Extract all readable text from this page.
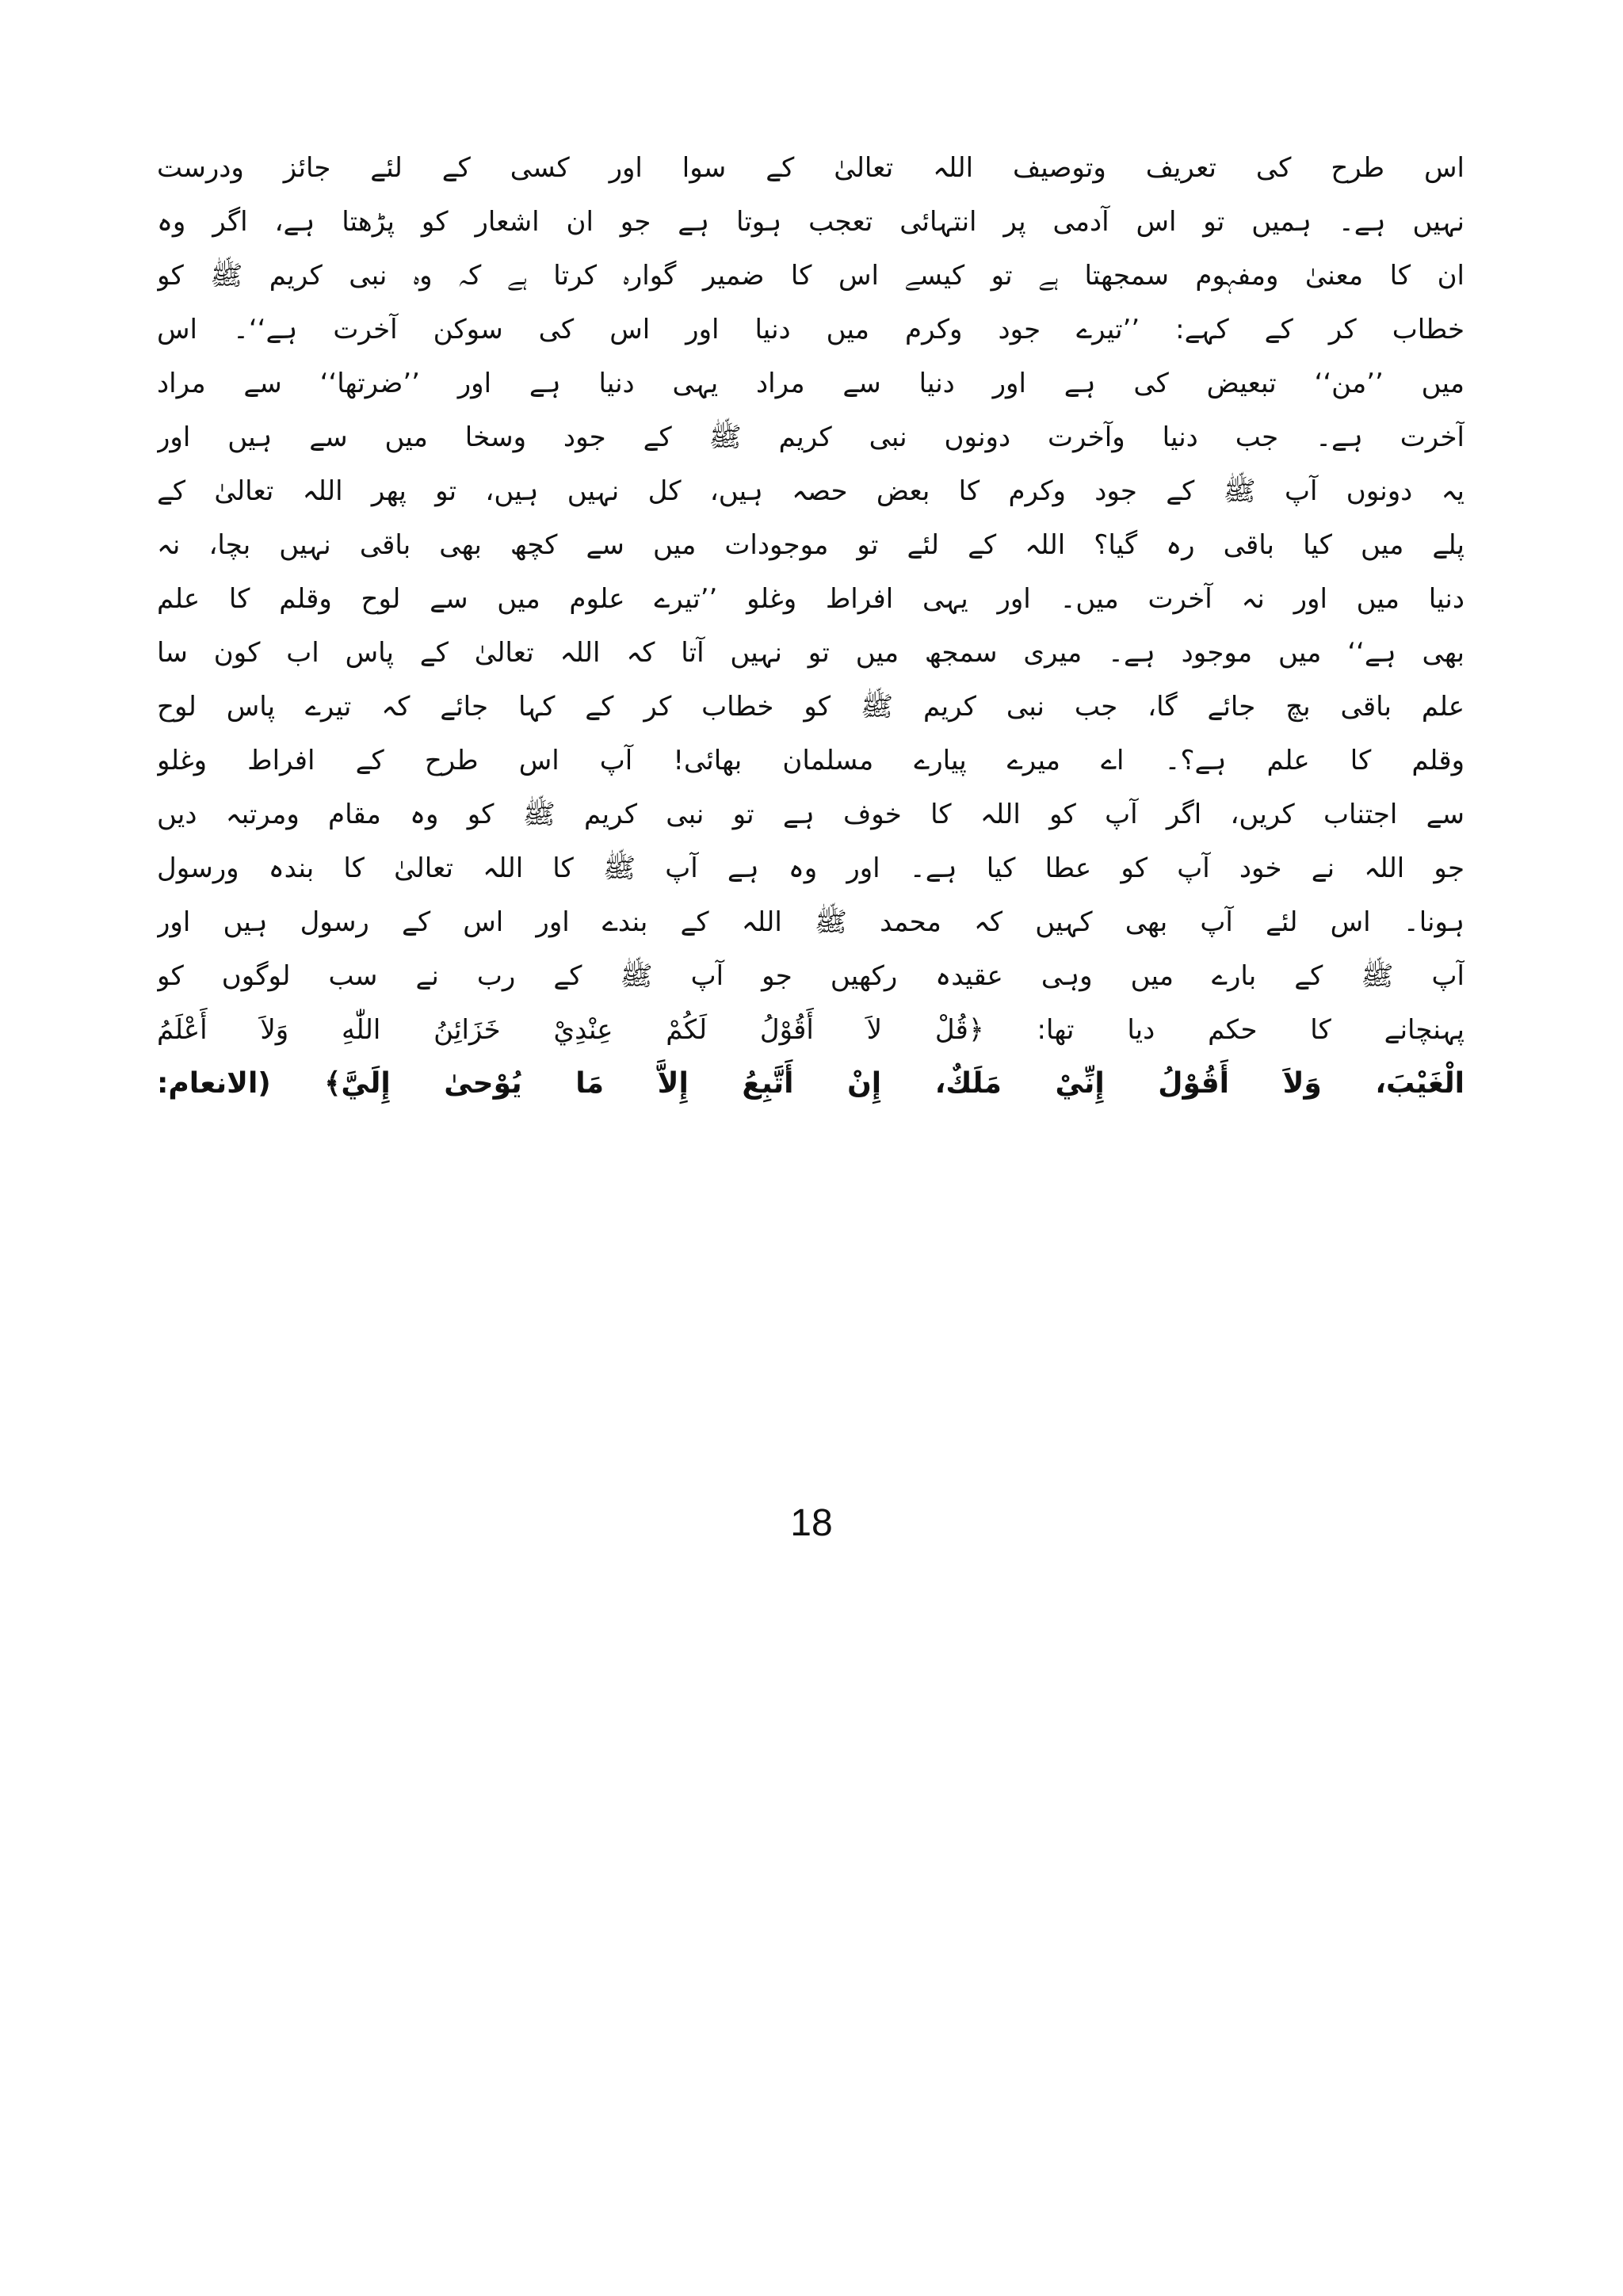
اس طرح کی تعریف وتوصیف اللہ تعالیٰ کے سوا اور کسی کے لئے جائز ودرست
نہیں ہے۔ ہمیں تو اس آدمی پر انتہائی تعجب ہوتا ہے جو ان اشعار کو پڑھتا ہے، اگر وہ
ان کا معنیٰ ومفہوم سمجھتا ہے تو کیسے اس کا ضمیر گوارہ کرتا ہے کہ وہ نبی کریم ﷺ کو
خطاب کر کے کہے: ’’تیرے جود وکرم میں دنیا اور اس کی سوکن آخرت ہے‘‘۔ اس
میں ’’من‘‘ تبعیض کی ہے اور دنیا سے مراد یہی دنیا ہے اور ’’ضرتھا‘‘ سے مراد
آخرت ہے۔ جب دنیا وآخرت دونوں نبی کریم ﷺ کے جود وسخا میں سے ہیں اور
یہ دونوں آپ ﷺ کے جود وکرم کا بعض حصہ ہیں، کل نہیں ہیں، تو پھر اللہ تعالیٰ کے
پلے میں کیا باقی رہ گیا؟ اللہ کے لئے تو موجودات میں سے کچھ بھی باقی نہیں بچا، نہ
دنیا میں اور نہ آخرت میں۔ اور یہی افراط وغلو ’’تیرے علوم میں سے لوح وقلم کا علم
بھی ہے‘‘ میں موجود ہے۔ میری سمجھ میں تو نہیں آتا کہ اللہ تعالیٰ کے پاس اب کون سا
علم باقی بچ جائے گا، جب نبی کریم ﷺ کو خطاب کر کے کہا جائے کہ تیرے پاس لوح
وقلم کا علم ہے؟۔ اے میرے پیارے مسلمان بھائی! آپ اس طرح کے افراط وغلو
سے اجتناب کریں، اگر آپ کو اللہ کا خوف ہے تو نبی کریم ﷺ کو وہ مقام ومرتبہ دیں
جو اللہ نے خود آپ کو عطا کیا ہے۔ اور وہ ہے آپ ﷺ کا اللہ تعالیٰ کا بندہ ورسول
ہونا۔ اس لئے آپ بھی کہیں کہ محمد ﷺ اللہ کے بندے اور اس کے رسول ہیں اور
آپ ﷺ کے بارے میں وہی عقیدہ رکھیں جو آپ ﷺ کے رب نے سب لوگوں کو
پہنچانے کا حکم دیا تھا: ﴿قُلْ لاَ أَقُوْلُ لَكُمْ عِنْدِيْ خَزَائِنُ اللّٰهِ وَلاَ أَعْلَمُ
الْغَيْبَ، وَلاَ أَقُوْلُ إِنِّيْ مَلَكٌ، إِنْ أَتَّبِعُ إِلاَّ مَا يُوْحىٰ إِلَيَّ﴾ (الانعام:
18
